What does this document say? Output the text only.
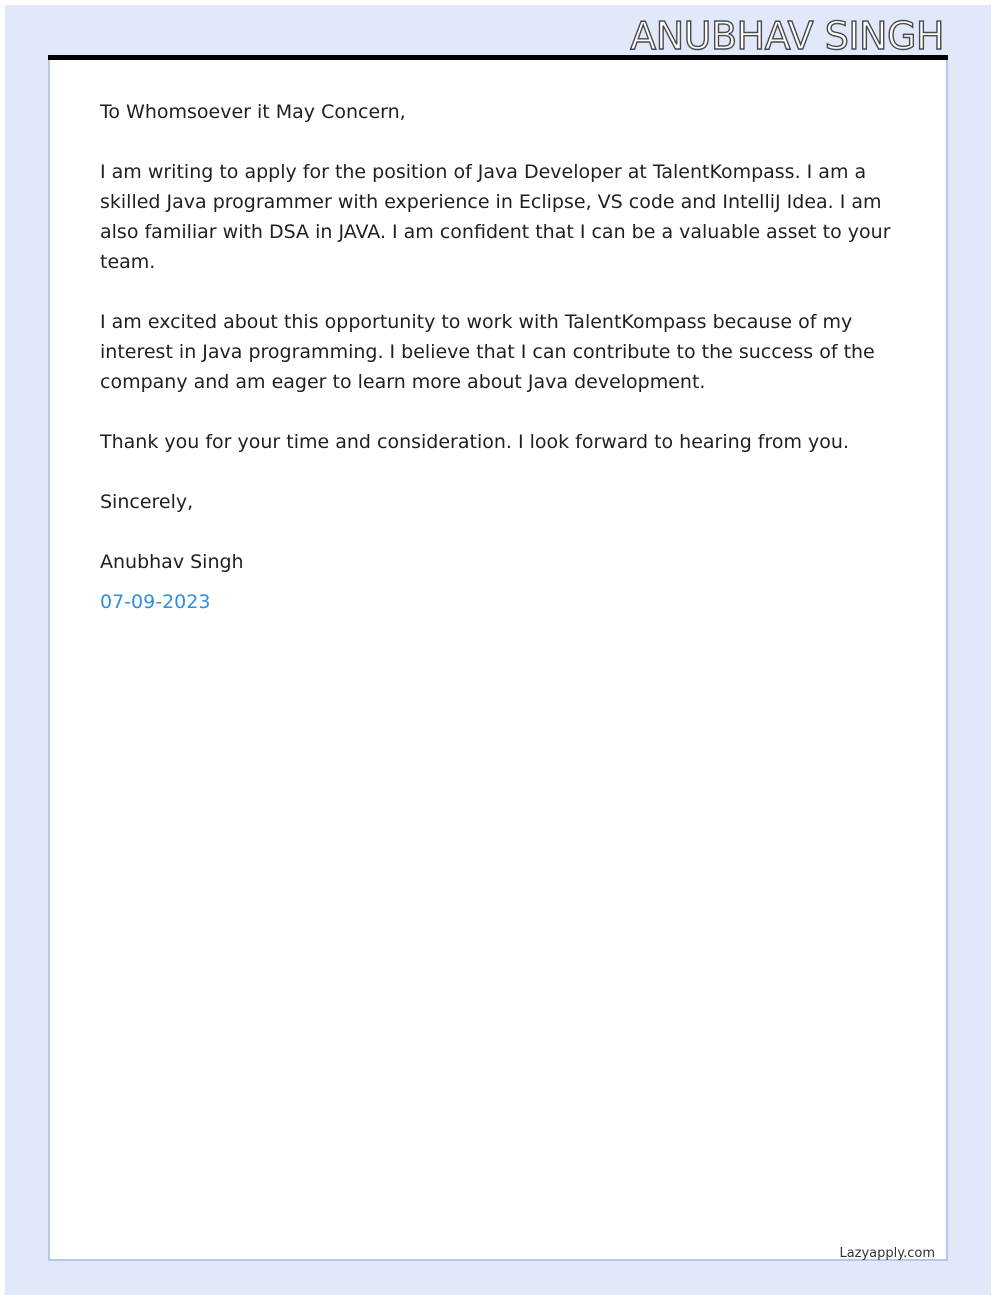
ANUBHAV SINGH

To Whomsoever it May Concern,

I am writing to apply for the position of Java Developer at TalentKompass. I am a skilled Java programmer with experience in Eclipse, VS code and IntelliJ Idea. I am also familiar with DSA in JAVA. I am confident that I can be a valuable asset to your team.

I am excited about this opportunity to work with TalentKompass because of my interest in Java programming. I believe that I can contribute to the success of the company and am eager to learn more about Java development.

Thank you for your time and consideration. I look forward to hearing from you.

Sincerely,

Anubhav Singh

07-09-2023

Lazyapply.com
